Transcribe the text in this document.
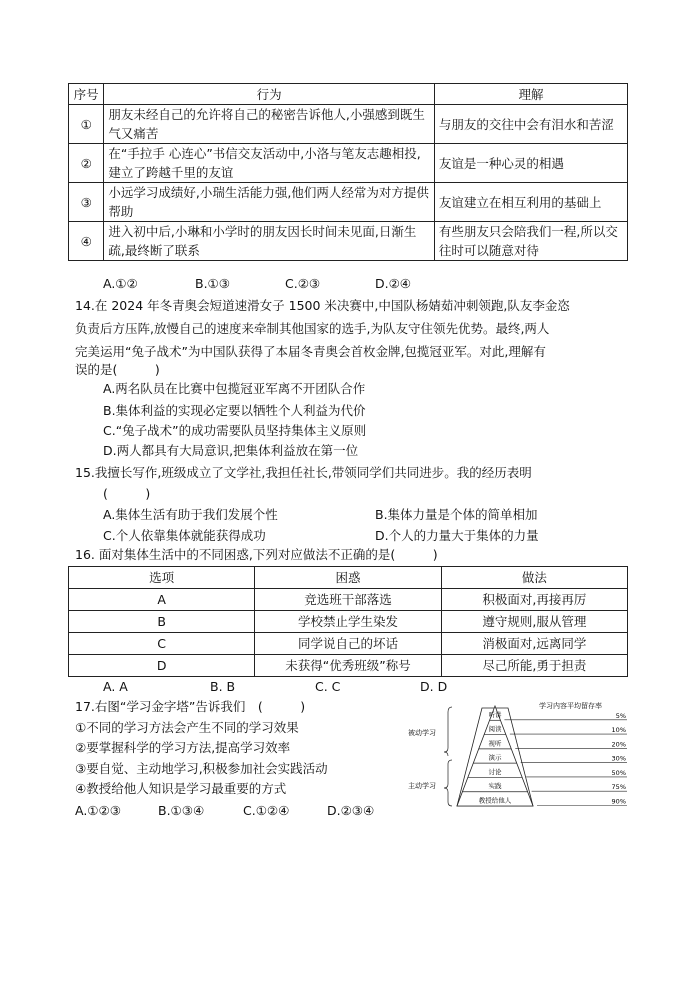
序号	行为	理解
①	朋友未经自己的允许将自己的秘密告诉他人,小强感到既生气又痛苦	与朋友的交往中会有泪水和苦涩
②	在“手拉手 心连心”书信交友活动中,小洛与笔友志趣相投,建立了跨越千里的友谊	友谊是一种心灵的相遇
③	小远学习成绩好,小瑞生活能力强,他们两人经常为对方提供帮助	友谊建立在相互利用的基础上
④	进入初中后,小琳和小学时的朋友因长时间未见面,日渐生疏,最终断了联系	有些朋友只会陪我们一程,所以交往时可以随意对待
A.①②	B.①③	C.②③	D.②④
14.在 2024 年冬青奥会短道速滑女子 1500 米决赛中,中国队杨婧茹冲刺领跑,队友李金恣
负责后方压阵,放慢自己的速度来牵制其他国家的选手,为队友守住领先优势。最终,两人
完美运用“兔子战术”为中国队获得了本届冬青奥会首枚金牌,包揽冠亚军。对此,理解有
误的是(　　　)
A.两名队员在比赛中包揽冠亚军离不开团队合作
B.集体利益的实现必定要以牺牲个人利益为代价
C.“兔子战术”的成功需要队员坚持集体主义原则
D.两人都具有大局意识,把集体利益放在第一位
15.我擅长写作,班级成立了文学社,我担任社长,带领同学们共同进步。我的经历表明
(　　　)
A.集体生活有助于我们发展个性	B.集体力量是个体的简单相加
C.个人依靠集体就能获得成功	D.个人的力量大于集体的力量
16. 面对集体生活中的不同困惑,下列对应做法不正确的是(　　　)
选项	困惑	做法
A	竞选班干部落选	积极面对,再接再厉
B	学校禁止学生染发	遵守规则,服从管理
C	同学说自己的坏话	消极面对,远离同学
D	未获得“优秀班级”称号	尽己所能,勇于担责
A. A	B. B	C. C	D. D
17.右图“学习金字塔”告诉我们　(　　　)
①不同的学习方法会产生不同的学习效果
②要掌握科学的学习方法,提高学习效率
③要自觉、主动地学习,积极参加社会实践活动
④教授给他人知识是学习最重要的方式
A.①②③	B.①③④	C.①②④	D.②③④
学习内容平均留存率
听讲	5%
阅读	10%
视听	20%
演示	30%
讨论	50%
实践	75%
教授给他人	90%
被动学习
主动学习
